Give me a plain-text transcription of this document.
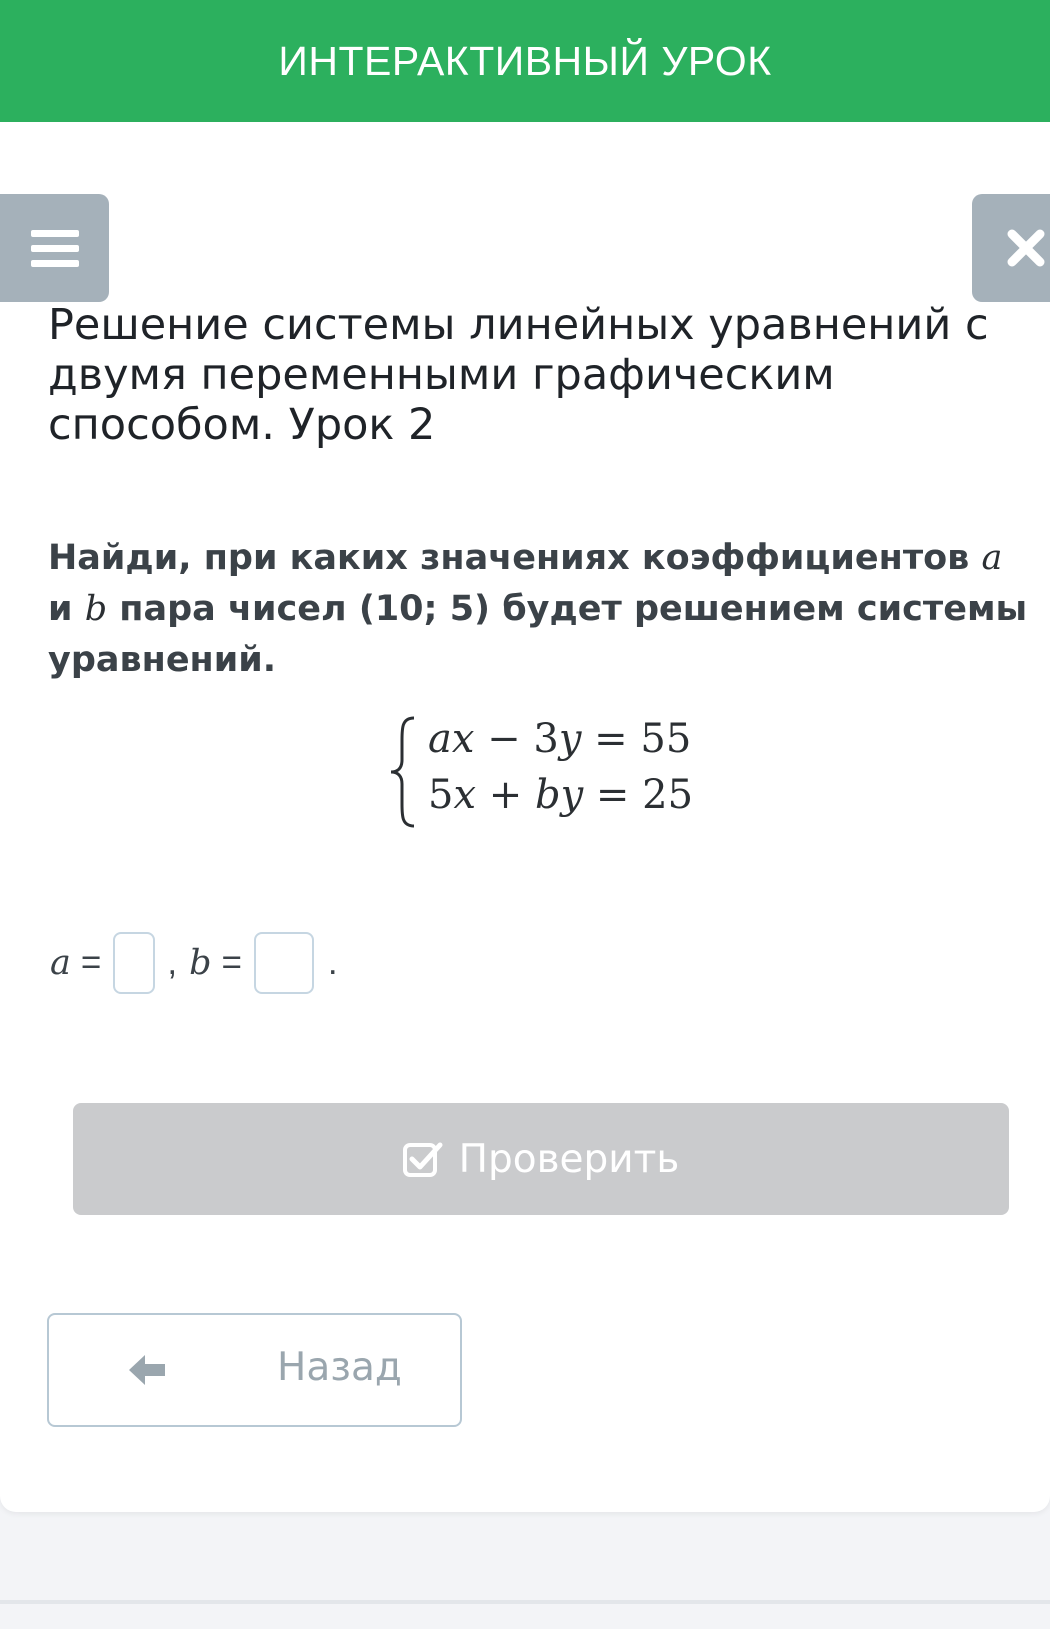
ИНТЕРАКТИВНЫЙ УРОК
Решение системы линейных уравнений с двумя переменными графическим способом. Урок 2

Найди, при каких значениях коэффициентов a и b пара чисел (10; 5) будет решением системы уравнений.

ax − 3y = 55
5x + by = 25
a = , b = .
Проверить
Назад
